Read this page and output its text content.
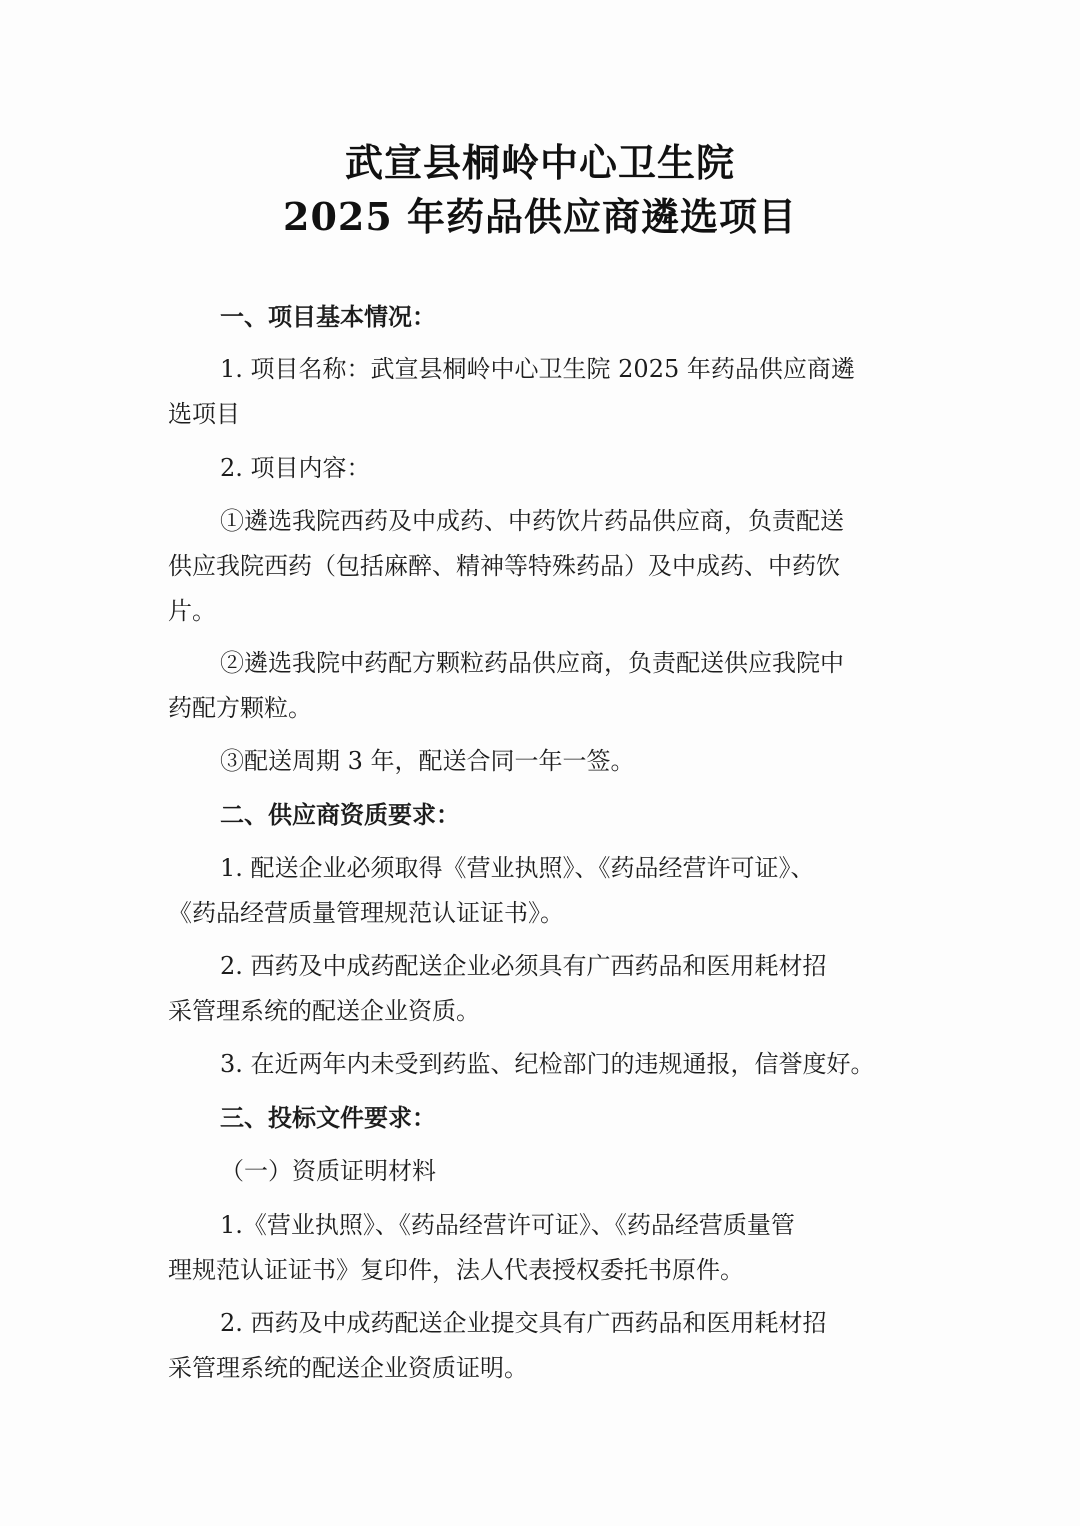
武宣县桐岭中心卫生院
2025 年药品供应商遴选项目
一、项目基本情况：
1. 项目名称：武宣县桐岭中心卫生院 2025 年药品供应商遴
选项目
2. 项目内容：
①遴选我院西药及中成药、中药饮片药品供应商，负责配送
供应我院西药（包括麻醉、精神等特殊药品）及中成药、中药饮
片。
②遴选我院中药配方颗粒药品供应商，负责配送供应我院中
药配方颗粒。
③配送周期 3 年，配送合同一年一签。
二、供应商资质要求：
1. 配送企业必须取得《营业执照》、《药品经营许可证》、
《药品经营质量管理规范认证证书》。
2. 西药及中成药配送企业必须具有广西药品和医用耗材招
采管理系统的配送企业资质。
3. 在近两年内未受到药监、纪检部门的违规通报，信誉度好。
三、投标文件要求：
（一）资质证明材料
1.《营业执照》、《药品经营许可证》、《药品经营质量管
理规范认证证书》复印件，法人代表授权委托书原件。
2. 西药及中成药配送企业提交具有广西药品和医用耗材招
采管理系统的配送企业资质证明。
